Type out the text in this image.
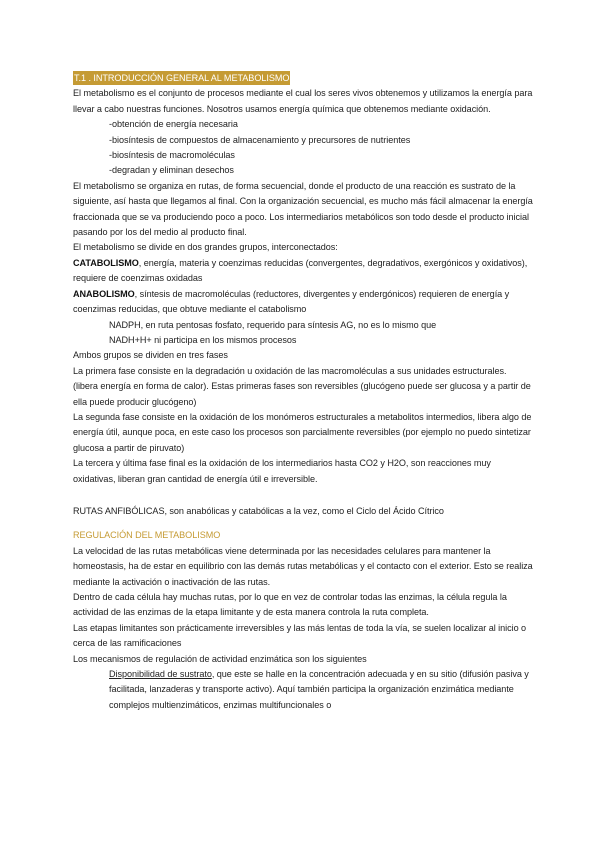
T.1 . INTRODUCCIÓN GENERAL AL METABOLISMO

El metabolismo es el conjunto de procesos mediante el cual los seres vivos obtenemos y utilizamos la energía para llevar a cabo nuestras funciones. Nosotros usamos energía química que obtenemos mediante oxidación.

-obtención de energía necesaria

-biosíntesis de compuestos de almacenamiento y precursores de nutrientes

-biosíntesis de macromoléculas

-degradan y eliminan desechos

El metabolismo se organiza en rutas, de forma secuencial, donde el producto de una reacción es sustrato de la siguiente, así hasta que llegamos al final. Con la organización secuencial, es mucho más fácil almacenar la energía fraccionada que se va produciendo poco a poco. Los intermediarios metabólicos son todo desde el producto inicial pasando por los del medio al producto final.

El metabolismo se divide en dos grandes grupos, interconectados:

CATABOLISMO, energía, materia y coenzimas reducidas (convergentes, degradativos, exergónicos y oxidativos), requiere de coenzimas oxidadas

ANABOLISMO, síntesis de macromoléculas (reductores, divergentes y endergónicos) requieren de energía y coenzimas reducidas, que obtuve mediante el catabolismo

NADPH, en ruta pentosas fosfato, requerido para síntesis AG, no es lo mismo que

NADH+H+ ni participa en los mismos procesos

Ambos grupos se dividen en tres fases

La primera fase consiste en la degradación u oxidación de las macromoléculas a sus unidades estructurales. (libera energía en forma de calor). Estas primeras fases son reversibles (glucógeno puede ser glucosa y a partir de ella puede producir glucógeno)

La segunda fase consiste en la oxidación de los monómeros estructurales a metabolitos intermedios, libera algo de energía útil, aunque poca, en este caso los procesos son parcialmente reversibles (por ejemplo no puedo sintetizar glucosa a partir de piruvato)

La tercera y última fase final es la oxidación de los intermediarios hasta CO2 y H2O, son reacciones muy oxidativas, liberan gran cantidad de energía útil e irreversible.

RUTAS ANFIBÓLICAS, son anabólicas y catabólicas a la vez, como el Ciclo del Ácido Cítrico

REGULACIÓN DEL METABOLISMO

La velocidad de las rutas metabólicas viene determinada por las necesidades celulares para mantener la homeostasis, ha de estar en equilibrio con las demás rutas metabólicas y el contacto con el exterior. Esto se realiza mediante la activación o inactivación de las rutas.

Dentro de cada célula hay muchas rutas, por lo que en vez de controlar todas las enzimas, la célula regula la actividad de las enzimas de la etapa limitante y de esta manera controla la ruta completa.

Las etapas limitantes son prácticamente irreversibles y las más lentas de toda la vía, se suelen localizar al inicio o cerca de las ramificaciones

Los mecanismos de regulación de actividad enzimática son los siguientes

Disponibilidad de sustrato, que este se halle en la concentración adecuada y en su sitio (difusión pasiva y facilitada, lanzaderas y transporte activo). Aquí también participa la organización enzimática mediante complejos multienzimáticos, enzimas multifuncionales o
